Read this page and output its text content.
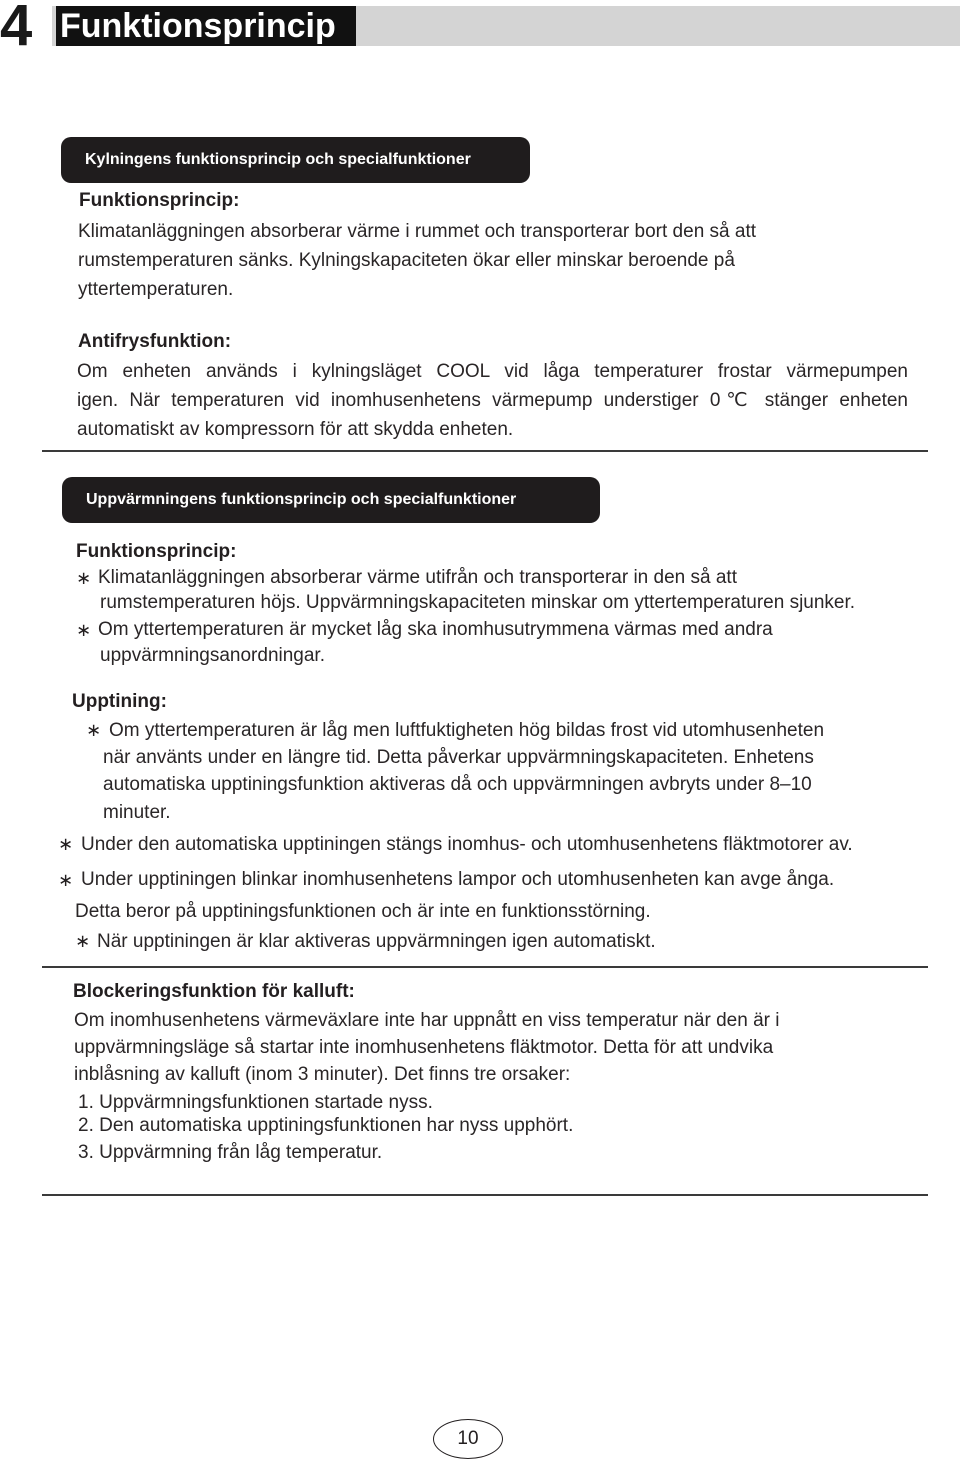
4 Funktionsprincip
Kylningens funktionsprincip och specialfunktioner
Funktionsprincip:
Klimatanläggningen absorberar värme i rummet och transporterar bort den så att
rumstemperaturen sänks. Kylningskapaciteten ökar eller minskar beroende på
yttertemperaturen.
Antifrysfunktion:
Om enheten används i kylningsläget COOL vid låga temperaturer frostar värmepumpen
igen. När temperaturen vid inomhusenhetens värmepump understiger 0℃ stänger enheten
automatiskt av kompressorn för att skydda enheten.
Uppvärmningens funktionsprincip och specialfunktioner
Funktionsprincip:
∗ Klimatanläggningen absorberar värme utifrån och transporterar in den så att
rumstemperaturen höjs. Uppvärmningskapaciteten minskar om yttertemperaturen sjunker.
∗ Om yttertemperaturen är mycket låg ska inomhusutrymmena värmas med andra
uppvärmningsanordningar.
Upptining:
∗ Om yttertemperaturen är låg men luftfuktigheten hög bildas frost vid utomhusenheten
när använts under en längre tid. Detta påverkar uppvärmningskapaciteten. Enhetens
automatiska upptiningsfunktion aktiveras då och uppvärmningen avbryts under 8–10
minuter.
∗ Under den automatiska upptiningen stängs inomhus- och utomhusenhetens fläktmotorer av.
∗ Under upptiningen blinkar inomhusenhetens lampor och utomhusenheten kan avge ånga.
Detta beror på upptiningsfunktionen och är inte en funktionsstörning.
∗ När upptiningen är klar aktiveras uppvärmningen igen automatiskt.
Blockeringsfunktion för kalluft:
Om inomhusenhetens värmeväxlare inte har uppnått en viss temperatur när den är i
uppvärmningsläge så startar inte inomhusenhetens fläktmotor. Detta för att undvika
inblåsning av kalluft (inom 3 minuter). Det finns tre orsaker:
1. Uppvärmningsfunktionen startade nyss.
2. Den automatiska upptiningsfunktionen har nyss upphört.
3. Uppvärmning från låg temperatur.
10
